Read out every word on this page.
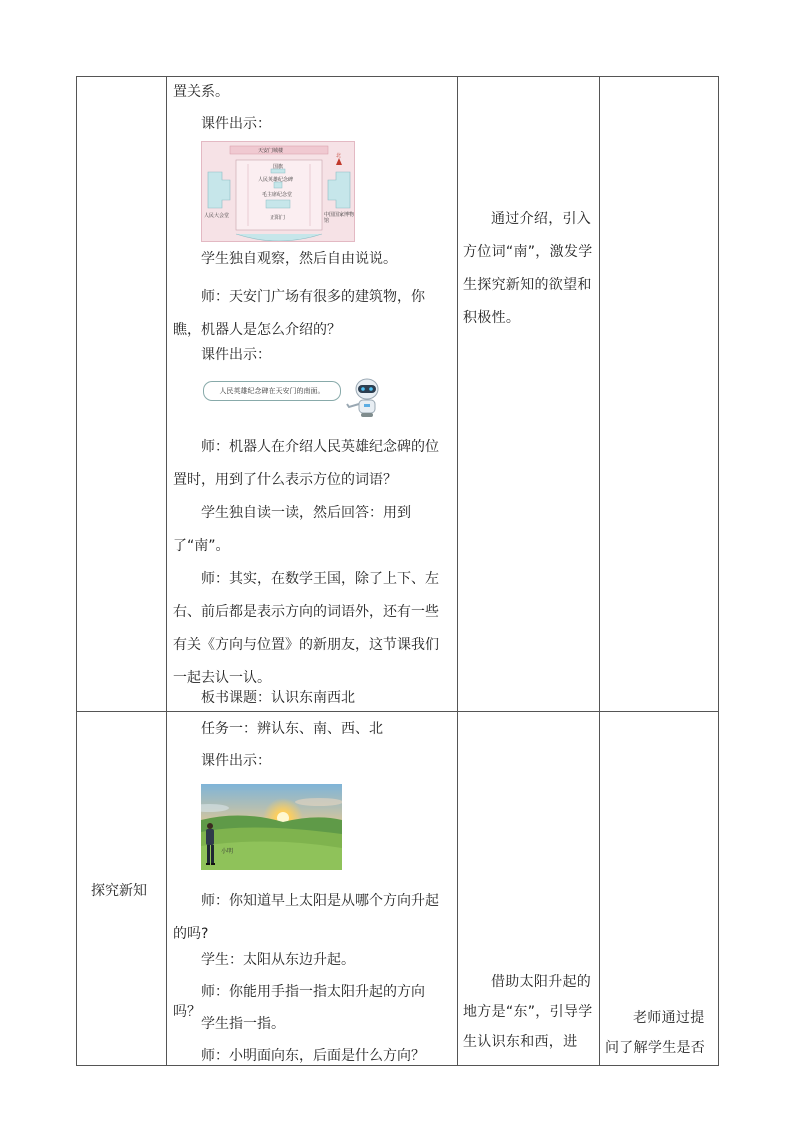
置关系。

课件出示：

天安门城楼
北
国旗
人民英雄纪念碑
毛主席纪念堂
人民大会堂	中国国家博物馆
正阳门

学生独自观察，然后自由说说。

师：天安门广场有很多的建筑物，你瞧，机器人是怎么介绍的？

课件出示：

人民英雄纪念碑在天安门的南面。

师：机器人在介绍人民英雄纪念碑的位置时，用到了什么表示方位的词语？

学生独自读一读，然后回答：用到了“南”。

师：其实，在数学王国，除了上下、左右、前后都是表示方向的词语外，还有一些有关《方向与位置》的新朋友，这节课我们一起去认一认。

板书课题：认识东南西北

通过介绍，引入方位词“南”，激发学生探究新知的欲望和积极性。

探究新知

任务一：辨认东、南、西、北

课件出示：

小明

师：你知道早上太阳是从哪个方向升起的吗?

学生：太阳从东边升起。

师：你能用手指一指太阳升起的方向吗？

学生指一指。

师：小明面向东，后面是什么方向？

借助太阳升起的地方是“东”，引导学生认识东和西，进

老师通过提问了解学生是否
